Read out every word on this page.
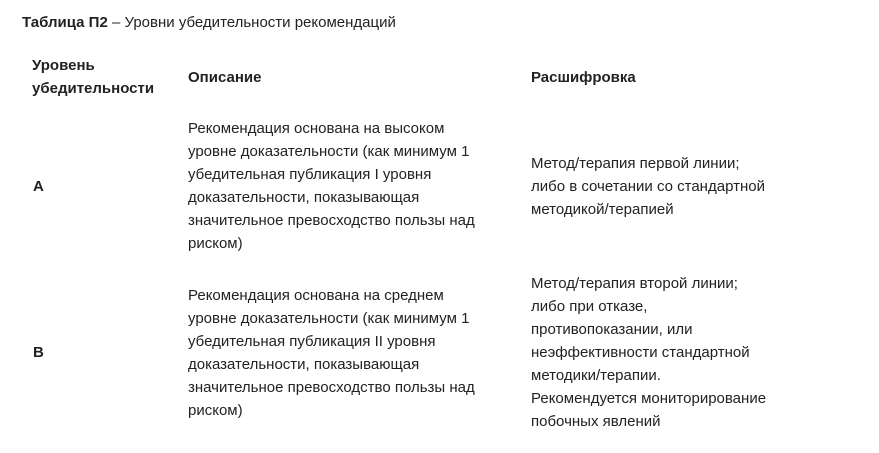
Таблица П2 – Уровни убедительности рекомендаций
Уровень
убедительности
Описание	Расшифровка
A
Рекомендация основана на высоком
уровне доказательности (как минимум 1
убедительная публикация I уровня
доказательности, показывающая
значительное превосходство пользы над
риском)
Метод/терапия первой линии;
либо в сочетании со стандартной
методикой/терапией
B
Рекомендация основана на среднем
уровне доказательности (как минимум 1
убедительная публикация II уровня
доказательности, показывающая
значительное превосходство пользы над
риском)
Метод/терапия второй линии;
либо при отказе,
противопоказании, или
неэффективности стандартной
методики/терапии.
Рекомендуется мониторирование
побочных явлений
